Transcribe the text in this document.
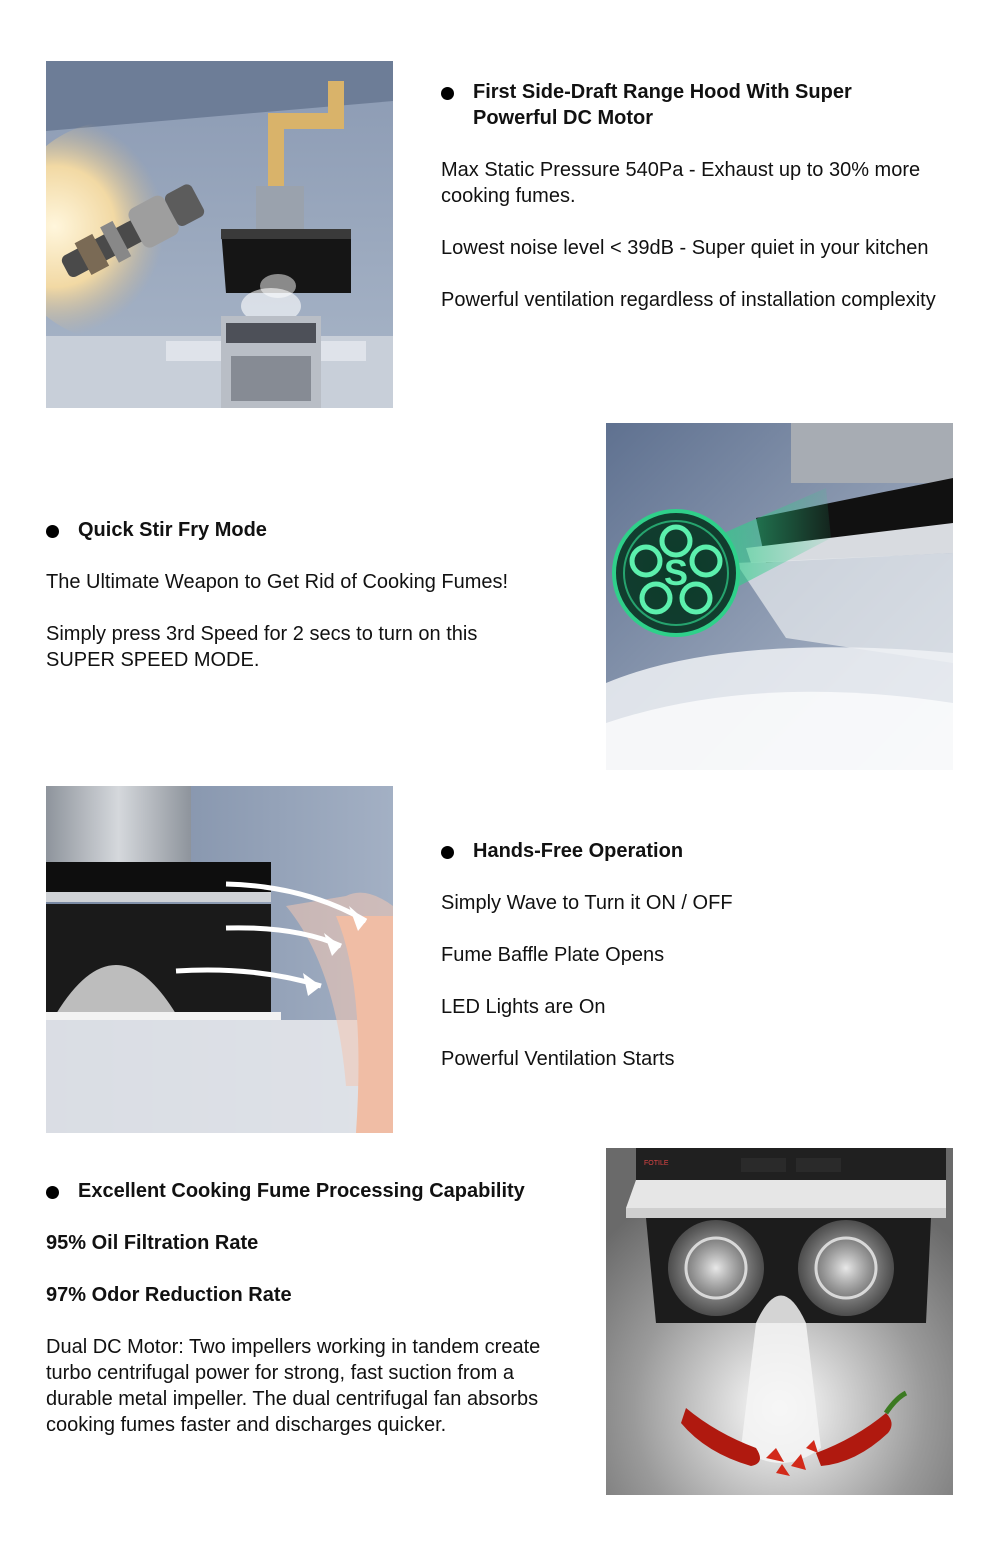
First Side-Draft Range Hood With Super Powerful DC Motor

Max Static Pressure 540Pa - Exhaust up to 30% more cooking fumes.

Lowest noise level < 39dB - Super quiet in your kitchen

Powerful ventilation regardless of installation complexity

Quick Stir Fry Mode

The Ultimate Weapon to Get Rid of Cooking Fumes!

Simply press 3rd Speed for 2 secs to turn on this SUPER SPEED MODE.

S
Hands-Free Operation

Simply Wave to Turn it ON / OFF

Fume Baffle Plate Opens

LED Lights are On

Powerful Ventilation Starts

Excellent Cooking Fume Processing Capability

95% Oil Filtration Rate

97% Odor Reduction Rate

Dual DC Motor: Two impellers working in tandem create turbo centrifugal power for strong, fast suction from a durable metal impeller. The dual centrifugal fan absorbs cooking fumes faster and discharges quicker.

FOTILE
